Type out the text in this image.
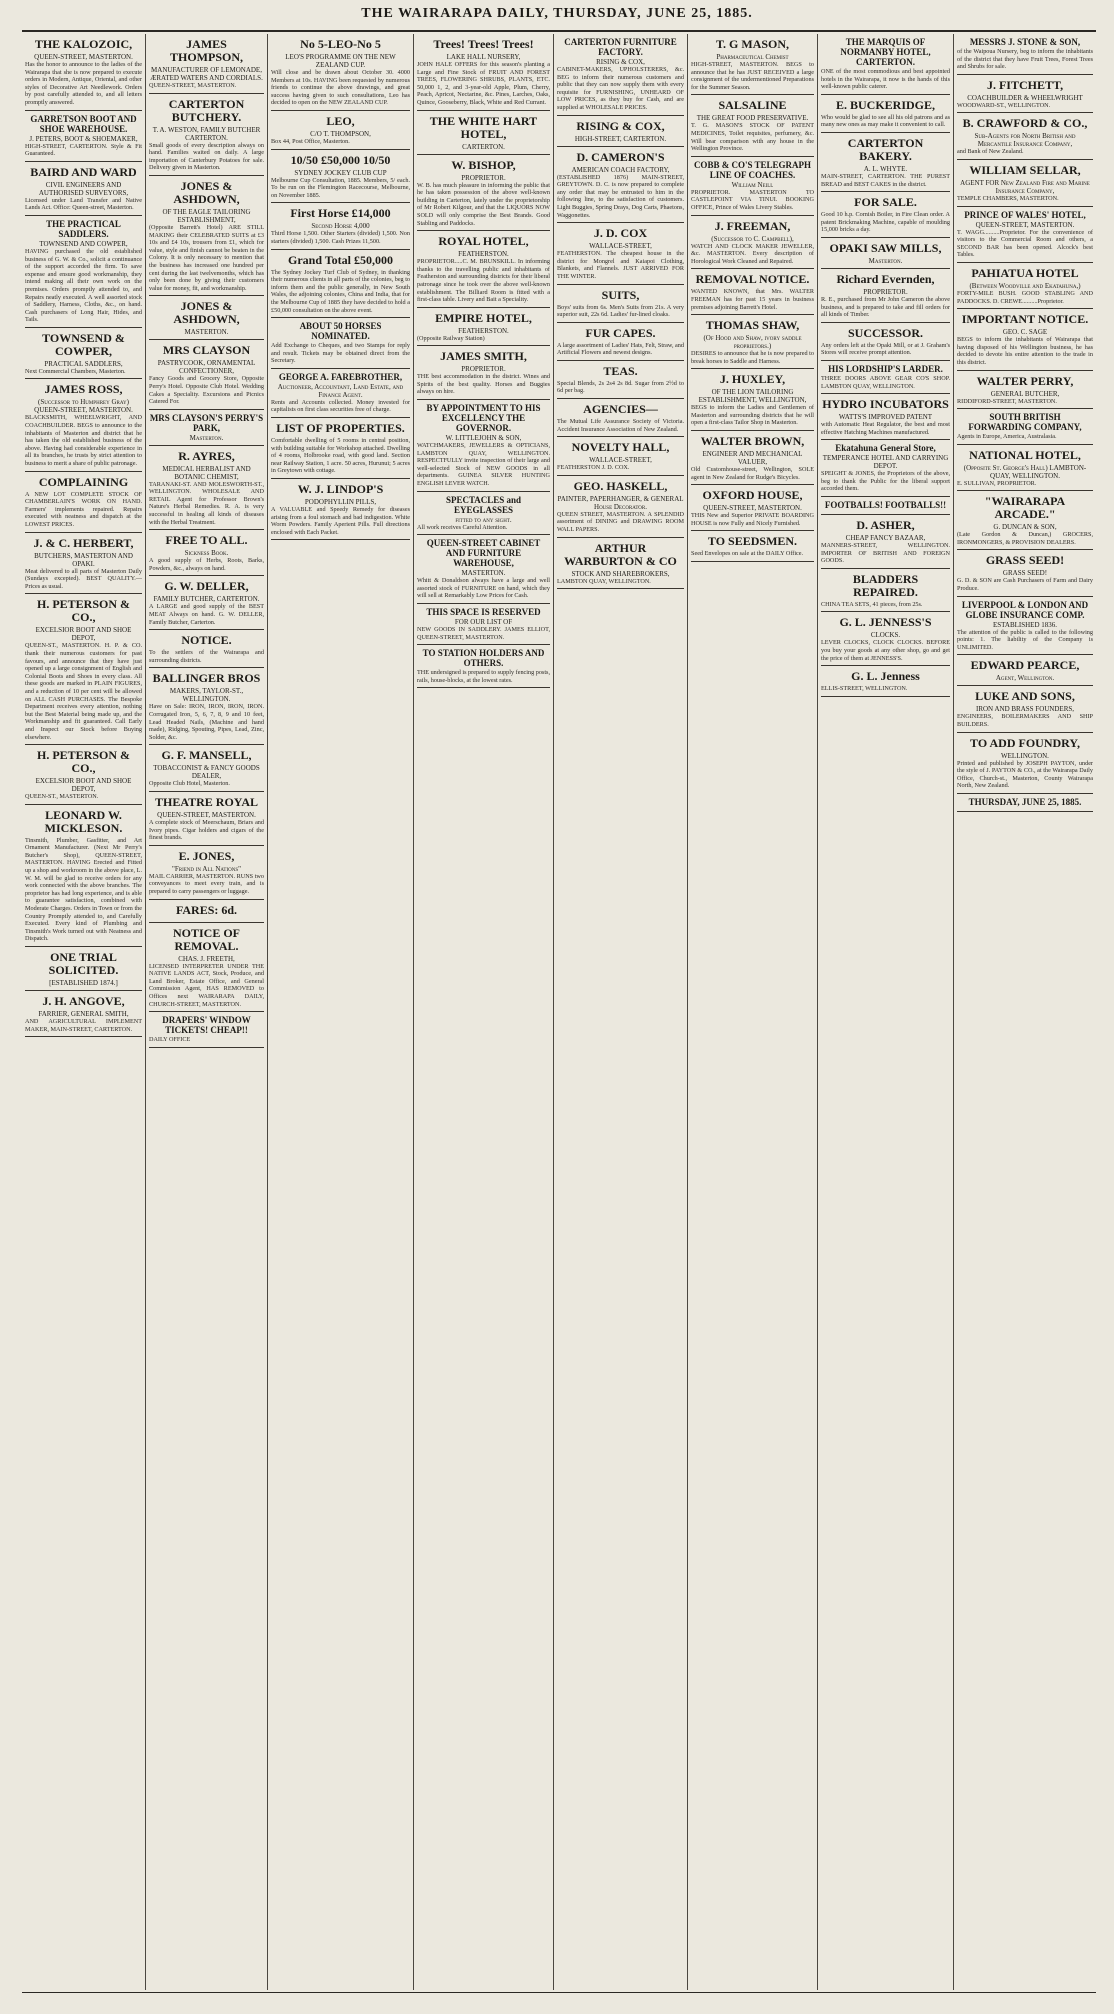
THE WAIRARAPA DAILY, THURSDAY, JUNE 25, 1885.
THE KALOZOIC,
QUEEN-STREET, MASTERTON.
Has the honor to announce to the ladies of the Wairarapa that she is now prepared to execute orders in Modern, Antique, Oriental, and other styles of Decorative Art Needlework. Orders by post carefully attended to, and all letters promptly answered.
GARRETSON BOOT AND SHOE WAREHOUSE.
J. PETERS, BOOT & SHOEMAKER,
HIGH-STREET, CARTERTON. Style & Fit Guaranteed.
BAIRD AND WARD
CIVIL ENGINEERS AND AUTHORISED SURVEYORS,
Licensed under Land Transfer and Native Lands Act. Office: Queen-street, Masterton.
THE PRACTICAL SADDLERS.
TOWNSEND AND COWPER,
HAVING purchased the old established business of G. W. & Co., solicit a continuance of the support accorded the firm. To save expense and ensure good workmanship, they intend making all their own work on the premises. Orders promptly attended to, and Repairs neatly executed. A well assorted stock of Saddlery, Harness, Cloths, &c., on hand. Cash purchasers of Long Hair, Hides, and Tails.
TOWNSEND & COWPER,
PRACTICAL SADDLERS,
Next Commercial Chambers, Masterton.
JAMES ROSS,
(Successor to Humphrey Gray) QUEEN-STREET, MASTERTON.
BLACKSMITH, WHEELWRIGHT, AND COACHBUILDER. BEGS to announce to the inhabitants of Masterton and district that he has taken the old established business of the above. Having had considerable experience in all its branches, he trusts by strict attention to business to merit a share of public patronage.
COMPLAINING
A NEW LOT COMPLETE STOCK OF CHAMBERLAIN'S WORK ON HAND. Farmers' implements repaired. Repairs executed with neatness and dispatch at the LOWEST PRICES.
J. & C. HERBERT,
BUTCHERS, MASTERTON AND OPAKI.
Meat delivered to all parts of Masterton Daily (Sundays excepted). BEST QUALITY.—Prices as usual.
H. PETERSON & CO.,
EXCELSIOR BOOT AND SHOE DEPOT,
QUEEN-ST., MASTERTON. H. P. & CO. thank their numerous customers for past favours, and announce that they have just opened up a large consignment of English and Colonial Boots and Shoes in every class. All these goods are marked in PLAIN FIGURES, and a reduction of 10 per cent will be allowed on ALL CASH PURCHASES. The Bespoke Department receives every attention, nothing but the Best Material being made up, and the Workmanship and fit guaranteed. Call Early and Inspect our Stock before Buying elsewhere.
H. PETERSON & CO.,
EXCELSIOR BOOT AND SHOE DEPOT,
QUEEN-ST., MASTERTON.
LEONARD W. MICKLESON.
Tinsmith, Plumber, Gasfitter, and Art Ornament Manufacturer. (Next Mr Perry's Butcher's Shop), QUEEN-STREET, MASTERTON. HAVING Erected and Fitted up a shop and workroom in the above place, L. W. M. will be glad to receive orders for any work connected with the above branches. The proprietor has had long experience, and is able to guarantee satisfaction, combined with Moderate Charges. Orders in Town or from the Country Promptly attended to, and Carefully Executed. Every kind of Plumbing and Tinsmith's Work turned out with Neatness and Dispatch.
ONE TRIAL SOLICITED.
[ESTABLISHED 1874.]
J. H. ANGOVE,
FARRIER, GENERAL SMITH,
AND AGRICULTURAL IMPLEMENT MAKER, MAIN-STREET, CARTERTON.
JAMES THOMPSON,
MANUFACTURER OF LEMONADE, ÆRATED WATERS AND CORDIALS.
QUEEN-STREET, MASTERTON.
CARTERTON BUTCHERY.
T. A. WESTON, FAMILY BUTCHER CARTERTON.
Small goods of every description always on hand. Families waited on daily. A large importation of Canterbury Potatoes for sale. Delivery given in Masterton.
JONES & ASHDOWN,
OF THE EAGLE TAILORING ESTABLISHMENT,
(Opposite Barrett's Hotel) ARE STILL MAKING their CELEBRATED SUITS at £3 10s and £4 10s, trousers from £1, which for value, style and finish cannot be beaten in the Colony. It is only necessary to mention that the business has increased one hundred per cent during the last twelvemonths, which has only been done by giving their customers value for money, fit, and workmanship.
JONES & ASHDOWN,
MASTERTON.
MRS CLAYSON
PASTRYCOOK, ORNAMENTAL CONFECTIONER,
Fancy Goods and Grocery Store, Opposite Perry's Hotel. Opposite Club Hotel. Wedding Cakes a Speciality. Excursions and Picnics Catered For.
MRS CLAYSON'S PERRY'S PARK,
Masterton.
R. AYRES,
MEDICAL HERBALIST AND BOTANIC CHEMIST,
TARANAKI-ST. AND MOLESWORTH-ST., WELLINGTON. WHOLESALE AND RETAIL Agent for Professor Brown's Nature's Herbal Remedies. R. A. is very successful in healing all kinds of diseases with the Herbal Treatment.
FREE TO ALL.
Sickness Book.
A good supply of Herbs, Roots, Barks, Powders, &c., always on hand.
G. W. DELLER,
FAMILY BUTCHER, CARTERTON.
A LARGE and good supply of the BEST MEAT Always on hand. G. W. DELLER, Family Butcher, Carterton.
NOTICE.
To the settlers of the Wairarapa and surrounding districts.
BALLINGER BROS
MAKERS, TAYLOR-ST., WELLINGTON.
Have on Sale: IRON, IRON, IRON, IRON. Corrugated Iron, 5, 6, 7, 8, 9 and 10 feet, Lead Headed Nails, (Machine and hand made), Ridging, Spouting, Pipes, Lead, Zinc, Solder, &c.
G. F. MANSELL,
TOBACCONIST & FANCY GOODS DEALER,
Opposite Club Hotel, Masterton.
THEATRE ROYAL
QUEEN-STREET, MASTERTON.
A complete stock of Meerschaum, Briars and Ivory pipes. Cigar holders and cigars of the finest brands.
E. JONES,
"Friend in All Nations"
MAIL CARRIER, MASTERTON. RUNS two conveyances to meet every train, and is prepared to carry passengers or luggage.
FARES: 6d.
NOTICE OF REMOVAL.
CHAS. J. FREETH,
LICENSED INTERPRETER UNDER THE NATIVE LANDS ACT, Stock, Produce, and Land Broker, Estate Office, and General Commission Agent, HAS REMOVED to Offices next WAIRARAPA DAILY, CHURCH-STREET, MASTERTON.
DRAPERS' WINDOW TICKETS! CHEAP!!
DAILY OFFICE
No 5-LEO-No 5
LEO'S PROGRAMME ON THE NEW ZEALAND CUP.
Will close and be drawn about October 30. 4000 Members at 10s. HAVING been requested by numerous friends to continue the above drawings, and great success having given to such consultations, Leo has decided to open on the NEW ZEALAND CUP.
LEO,
C/O T. THOMPSON,
Box 44, Post Office, Masterton.
10/50 £50,000 10/50
SYDNEY JOCKEY CLUB CUP
Melbourne Cup Consultation, 1885. Members, 5/ each. To be run on the Flemington Racecourse, Melbourne, on November 1885.
First Horse £14,000
Second Horse 4,000
Third Horse 1,500. Other Starters (divided) 1,500. Non starters (divided) 1,500. Cash Prizes 11,500.
Grand Total £50,000
The Sydney Jockey Turf Club of Sydney, in thanking their numerous clients in all parts of the colonies, beg to inform them and the public generally, in New South Wales, the adjoining colonies, China and India, that for the Melbourne Cup of 1885 they have decided to hold a £50,000 consultation on the above event.
ABOUT 50 HORSES NOMINATED.
Add Exchange to Cheques, and two Stamps for reply and result. Tickets may be obtained direct from the Secretary.
GEORGE A. FAREBROTHER,
Auctioneer, Accountant, Land Estate, and Finance Agent.
Rents and Accounts collected. Money invested for capitalists on first class securities free of charge.
LIST OF PROPERTIES.
Comfortable dwelling of 5 rooms in central position, with building suitable for Workshop attached. Dwelling of 4 rooms, Holbrooke road, with good land. Section near Railway Station, 1 acre. 50 acres, Hurunui; 5 acres in Greytown with cottage.
W. J. LINDOP'S
PODOPHYLLIN PILLS,
A VALUABLE and Speedy Remedy for diseases arising from a foul stomach and bad indigestion. White Worm Powders. Family Aperient Pills. Full directions enclosed with Each Packet.
Trees! Trees! Trees!
LAKE HALL NURSERY,
JOHN HALE OFFERS for this season's planting a Large and Fine Stock of FRUIT AND FOREST TREES, FLOWERING SHRUBS, PLANTS, ETC. 50,000 1, 2, and 3-year-old Apple, Plum, Cherry, Peach, Apricot, Nectarine, &c. Pines, Larches, Oaks, Quince, Gooseberry, Black, White and Red Currant.
THE WHITE HART HOTEL,
CARTERTON.
W. BISHOP,
PROPRIETOR.
W. B. has much pleasure in informing the public that he has taken possession of the above well-known building in Carterton, lately under the proprietorship of Mr Robert Kilgour, and that the LIQUORS NOW SOLD will only comprise the Best Brands. Good Stabling and Paddocks.
ROYAL HOTEL,
FEATHERSTON.
PROPRIETOR.....C. M. BRUNSKILL. In informing thanks to the travelling public and inhabitants of Featherston and surrounding districts for their liberal patronage since he took over the above well-known establishment. The Billiard Room is fitted with a first-class table. Livery and Bait a Speciality.
EMPIRE HOTEL,
FEATHERSTON.
(Opposite Railway Station)
JAMES SMITH,
PROPRIETOR.
THE best accommodation in the district. Wines and Spirits of the best quality. Horses and Buggies always on hire.
BY APPOINTMENT TO HIS EXCELLENCY THE GOVERNOR.
W. LITTLEJOHN & SON,
WATCHMAKERS, JEWELLERS & OPTICIANS, LAMBTON QUAY, WELLINGTON. RESPECTFULLY invite inspection of their large and well-selected Stock of NEW GOODS in all departments. GUINEA SILVER HUNTING ENGLISH LEVER WATCH.
SPECTACLES and EYEGLASSES
fitted to any sight.
All work receives Careful Attention.
QUEEN-STREET CABINET AND FURNITURE WAREHOUSE,
MASTERTON.
Whitt & Donaldson always have a large and well assorted stock of FURNITURE on hand, which they will sell at Remarkably Low Prices for Cash.
THIS SPACE IS RESERVED
FOR OUR LIST OF
NEW GOODS IN SADDLERY. JAMES ELLIOT, QUEEN-STREET, MASTERTON.
TO STATION HOLDERS AND OTHERS.
THE undersigned is prepared to supply fencing posts, rails, house-blocks, at the lowest rates.
CARTERTON FURNITURE FACTORY.
RISING & COX,
CABINET-MAKERS, UPHOLSTERERS, &c. BEG to inform their numerous customers and public that they can now supply them with every requisite for FURNISHING, UNHEARD OF LOW PRICES, as they buy for Cash, and are supplied at WHOLESALE PRICES.
RISING & COX,
HIGH-STREET, CARTERTON.
D. CAMERON'S
AMERICAN COACH FACTORY,
(ESTABLISHED 1876) MAIN-STREET, GREYTOWN. D. C. is now prepared to complete any order that may be entrusted to him in the following line, to the satisfaction of customers. Light Buggies, Spring Drays, Dog Carts, Phaetons, Waggonettes.
J. D. COX
WALLACE-STREET,
FEATHERSTON. The cheapest house in the district for Mongrel and Kaiapoi Clothing, Blankets, and Flannels. JUST ARRIVED FOR THE WINTER.
SUITS,
Boys' suits from 6s. Men's Suits from 21s. A very superior suit, 22s 6d. Ladies' fur-lined cloaks.
FUR CAPES.
A large assortment of Ladies' Hats, Felt, Straw, and Artificial Flowers and newest designs.
TEAS.
Special Blends, 2s 2s4 2s 8d. Sugar from 2½d to 6d per bag.
AGENCIES—
The Mutual Life Assurance Society of Victoria. Accident Insurance Association of New Zealand.
NOVELTY HALL,
WALLACE-STREET,
FEATHERSTON J. D. COX.
GEO. HASKELL,
PAINTER, PAPERHANGER, & GENERAL House Decorator.
QUEEN STREET, MASTERTON. A SPLENDID assortment of DINING and DRAWING ROOM WALL PAPERS.
ARTHUR WARBURTON & CO
STOCK AND SHAREBROKERS,
LAMBTON QUAY, WELLINGTON.
T. G MASON,
Pharmaceutical Chemist
HIGH-STREET, MASTERTON. BEGS to announce that he has JUST RECEIVED a large consignment of the undermentioned Preparations for the Summer Season.
SALSALINE
THE GREAT FOOD PRESERVATIVE.
T. G. MASON'S STOCK OF PATENT MEDICINES, Toilet requisites, perfumery, &c. Will bear comparison with any house in the Wellington Province.
COBB & CO'S TELEGRAPH LINE OF COACHES.
William Neill
PROPRIETOR. MASTERTON TO CASTLEPOINT VIA TINUI. BOOKING OFFICE, Prince of Wales Livery Stables.
J. FREEMAN,
(Successor to C. Campbell),
WATCH AND CLOCK MAKER JEWELLER, &c. MASTERTON. Every description of Horological Work Cleaned and Repaired.
REMOVAL NOTICE.
WANTED KNOWN, that Mrs. WALTER FREEMAN has for past 15 years in business premises adjoining Barrett's Hotel.
THOMAS SHAW,
(Of Hood and Shaw, ivory saddle proprietors.)
DESIRES to announce that he is now prepared to break horses to Saddle and Harness.
J. HUXLEY,
OF THE LION TAILORING ESTABLISHMENT, WELLINGTON,
BEGS to inform the Ladies and Gentlemen of Masterton and surrounding districts that he will open a first-class Tailor Shop in Masterton.
WALTER BROWN,
ENGINEER AND MECHANICAL VALUER,
Old Customhouse-street, Wellington, SOLE agent in New Zealand for Rudge's Bicycles.
OXFORD HOUSE,
QUEEN-STREET, MASTERTON.
THIS New and Superior PRIVATE BOARDING HOUSE is now Fully and Nicely Furnished.
TO SEEDSMEN.
Seed Envelopes on sale at the DAILY Office.
THE MARQUIS OF NORMANBY HOTEL, CARTERTON.
ONE of the most commodious and best appointed hotels in the Wairarapa, it now is the hands of this well-known public caterer.
E. BUCKERIDGE,
Who would be glad to see all his old patrons and as many new ones as may make it convenient to call.
CARTERTON BAKERY.
A. L. WHYTE.
MAIN-STREET, CARTERTON. THE PUREST BREAD and BEST CAKES in the district.
FOR SALE.
Good 10 h.p. Cornish Boiler, in Fire Clean order. A patent Brickmaking Machine, capable of moulding 15,000 bricks a day.
OPAKI SAW MILLS,
Masterton.
Richard Evernden,
PROPRIETOR.
R. E., purchased from Mr John Cameron the above business, and is prepared to take and fill orders for all kinds of Timber.
SUCCESSOR.
Any orders left at the Opaki Mill, or at J. Graham's Stores will receive prompt attention.
HIS LORDSHIP'S LARDER.
THREE DOORS ABOVE GEAR CO'S SHOP. LAMBTON QUAY, WELLINGTON.
HYDRO INCUBATORS
WATTS'S IMPROVED PATENT
with Automatic Heat Regulator, the best and most effective Hatching Machines manufactured.
Ekatahuna General Store,
TEMPERANCE HOTEL AND CARRYING DEPOT.
SPEIGHT & JONES, the Proprietors of the above, beg to thank the Public for the liberal support accorded them.
FOOTBALLS! FOOTBALLS!!
D. ASHER,
CHEAP FANCY BAZAAR,
MANNERS-STREET, WELLINGTON. IMPORTER OF BRITISH AND FOREIGN GOODS.
BLADDERS REPAIRED.
CHINA TEA SETS, 41 pieces, from 25s.
G. L. JENNESS'S
CLOCKS.
LEVER CLOCKS, CLOCK CLOCKS. BEFORE you buy your goods at any other shop, go and get the price of them at JENNESS'S.
G. L. Jenness
ELLIS-STREET, WELLINGTON.
MESSRS J. STONE & SON,
of the Waipoua Nursery, beg to inform the inhabitants of the district that they have Fruit Trees, Forest Trees and Shrubs for sale.
J. FITCHETT,
COACHBUILDER & WHEELWRIGHT
WOODWARD-ST., WELLINGTON.
B. CRAWFORD & CO.,
Sub-Agents for North British and Mercantile Insurance Company,
and Bank of New Zealand.
WILLIAM SELLAR,
AGENT FOR New Zealand Fire and Marine Insurance Company,
TEMPLE CHAMBERS, MASTERTON.
PRINCE OF WALES' HOTEL,
QUEEN-STREET, MASTERTON.
T. WAGG..........Proprietor. For the convenience of visitors to the Commercial Room and others, a SECOND BAR has been opened. Alcock's best Tables.
PAHIATUA HOTEL
(Between Woodville and Ekatahuna,)
FORTY-MILE BUSH. GOOD STABLING AND PADDOCKS. D. CREWE..........Proprietor.
IMPORTANT NOTICE.
GEO. C. SAGE
BEGS to inform the inhabitants of Wairarapa that having disposed of his Wellington business, he has decided to devote his entire attention to the trade in this district.
WALTER PERRY,
GENERAL BUTCHER,
RIDDIFORD-STREET, MASTERTON.
SOUTH BRITISH FORWARDING COMPANY,
Agents in Europe, America, Australasia.
NATIONAL HOTEL,
(Opposite St. George's Hall) LAMBTON-QUAY, WELLINGTON.
E. SULLIVAN, PROPRIETOR.
"WAIRARAPA ARCADE."
G. DUNCAN & SON,
(Late Gordon & Duncan,) GROCERS, IRONMONGERS, & PROVISION DEALERS.
GRASS SEED!
GRASS SEED!
G. D. & SON are Cash Purchasers of Farm and Dairy Produce.
LIVERPOOL & LONDON AND GLOBE INSURANCE COMP.
ESTABLISHED 1836.
The attention of the public is called to the following points: 1. The liability of the Company is UNLIMITED.
EDWARD PEARCE,
Agent, Wellington.
LUKE AND SONS,
IRON AND BRASS FOUNDERS,
ENGINEERS, BOILERMAKERS AND SHIP BUILDERS.
TO ADD FOUNDRY,
WELLINGTON.
Printed and published by JOSEPH PAYTON, under the style of J. PAYTON & CO., at the Wairarapa Daily Office, Church-st., Masterton, County Wairarapa North, New Zealand.
THURSDAY, JUNE 25, 1885.
